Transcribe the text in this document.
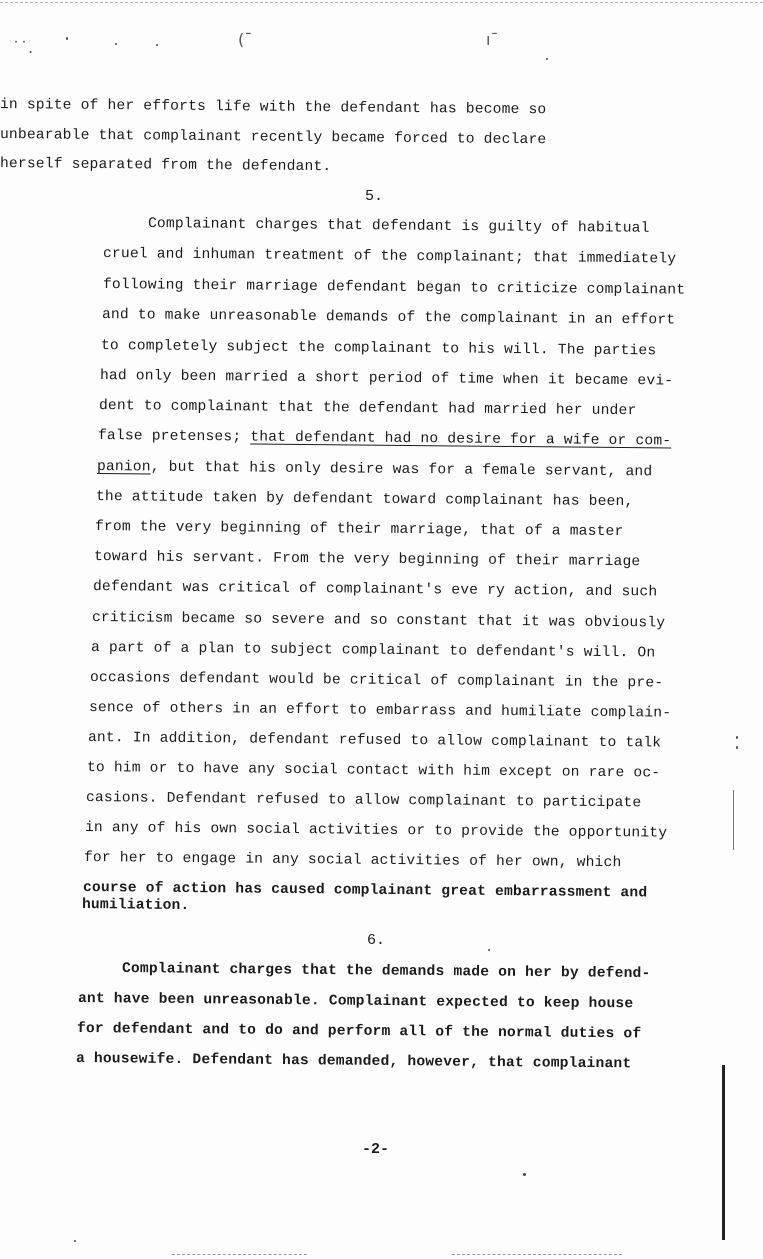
˙˙.	(¯	ı¯
in spite of her efforts life with the defendant has become so
unbearable that complainant recently became forced to declare
herself separated from the defendant.
5.
Complainant charges that defendant is guilty of habitual
cruel and inhuman treatment of the complainant; that immediately
following their marriage defendant began to criticize complainant
and to make unreasonable demands of the complainant in an effort
to completely subject the complainant to his will. The parties
had only been married a short period of time when it became evi-
dent to complainant that the defendant had married her under
false pretenses; that defendant had no desire for a wife or com-
panion, but that his only desire was for a female servant, and
the attitude taken by defendant toward complainant has been,
from the very beginning of their marriage, that of a master
toward his servant. From the very beginning of their marriage
defendant was critical of complainant's eve ry action, and such
criticism became so severe and so constant that it was obviously
a part of a plan to subject complainant to defendant's will. On
occasions defendant would be critical of complainant in the pre-
sence of others in an effort to embarrass and humiliate complain-
ant. In addition, defendant refused to allow complainant to talk
to him or to have any social contact with him except on rare oc-
casions. Defendant refused to allow complainant to participate
in any of his own social activities or to provide the opportunity
for her to engage in any social activities of her own, which
course of action has caused complainant great embarrassment and
humiliation.
6.
Complainant charges that the demands made on her by defend-
ant have been unreasonable. Complainant expected to keep house
for defendant and to do and perform all of the normal duties of
a housewife. Defendant has demanded, however, that complainant
-2-
